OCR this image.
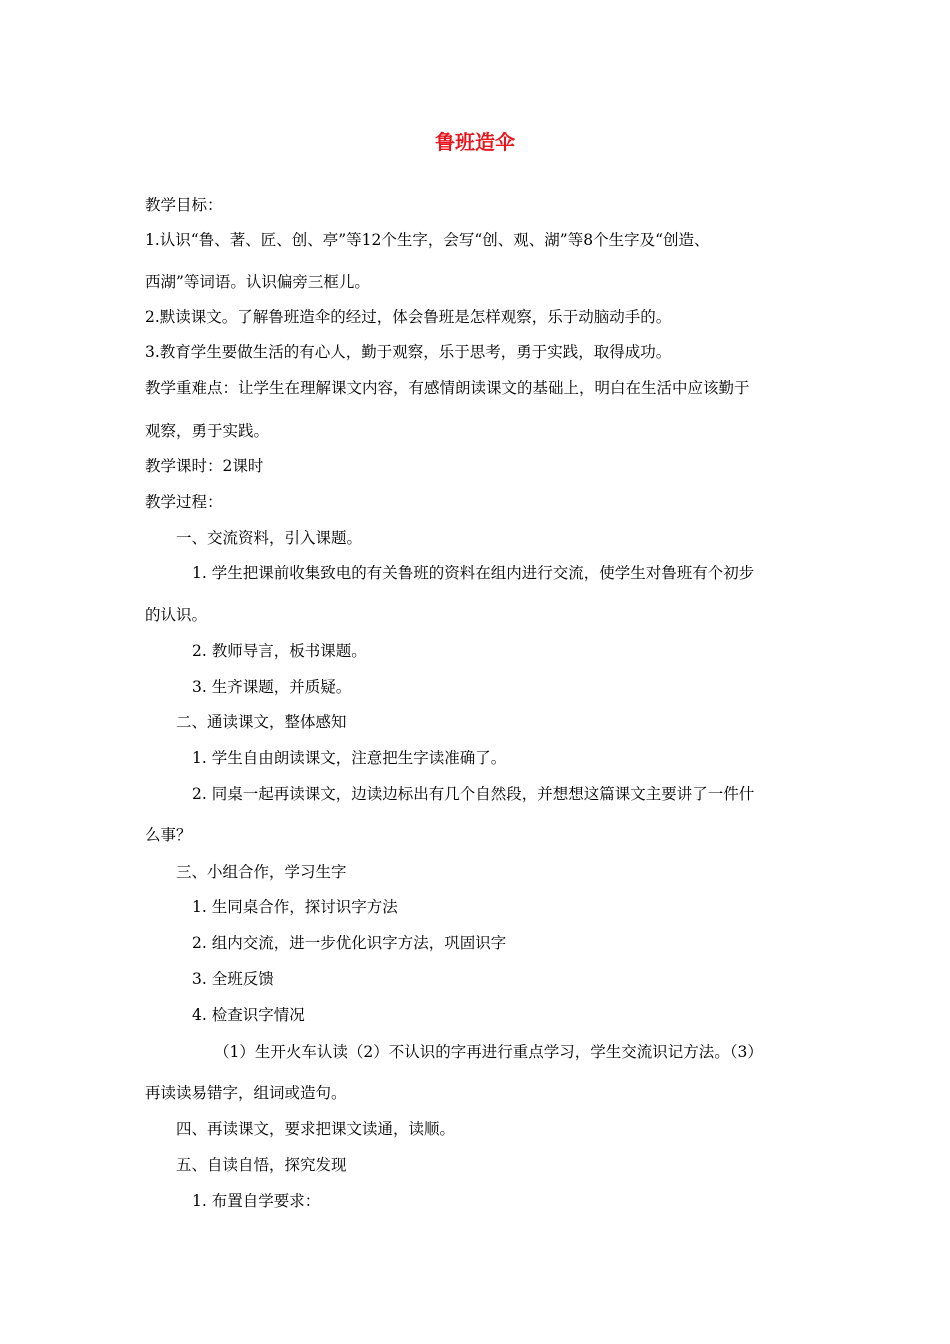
鲁班造伞
教学目标：
1.认识“鲁、著、匠、创、亭”等12个生字，会写“创、观、湖”等8个生字及“创造、
西湖”等词语。认识偏旁三框儿。
2.默读课文。了解鲁班造伞的经过，体会鲁班是怎样观察，乐于动脑动手的。
3.教育学生要做生活的有心人，勤于观察，乐于思考，勇于实践，取得成功。
教学重难点：让学生在理解课文内容，有感情朗读课文的基础上，明白在生活中应该勤于
观察，勇于实践。
教学课时：2课时
教学过程：
一、交流资料，引入课题。
1. 学生把课前收集致电的有关鲁班的资料在组内进行交流，使学生对鲁班有个初步
的认识。
2. 教师导言，板书课题。
3. 生齐课题，并质疑。
二、通读课文，整体感知
1. 学生自由朗读课文，注意把生字读准确了。
2. 同桌一起再读课文，边读边标出有几个自然段，并想想这篇课文主要讲了一件什
么事？
三、小组合作，学习生字
1. 生同桌合作，探讨识字方法
2. 组内交流，进一步优化识字方法，巩固识字
3. 全班反馈
4. 检查识字情况
（1）生开火车认读（2）不认识的字再进行重点学习，学生交流识记方法。（3）
再读读易错字，组词或造句。
四、再读课文，要求把课文读通，读顺。
五、自读自悟，探究发现
1. 布置自学要求：
